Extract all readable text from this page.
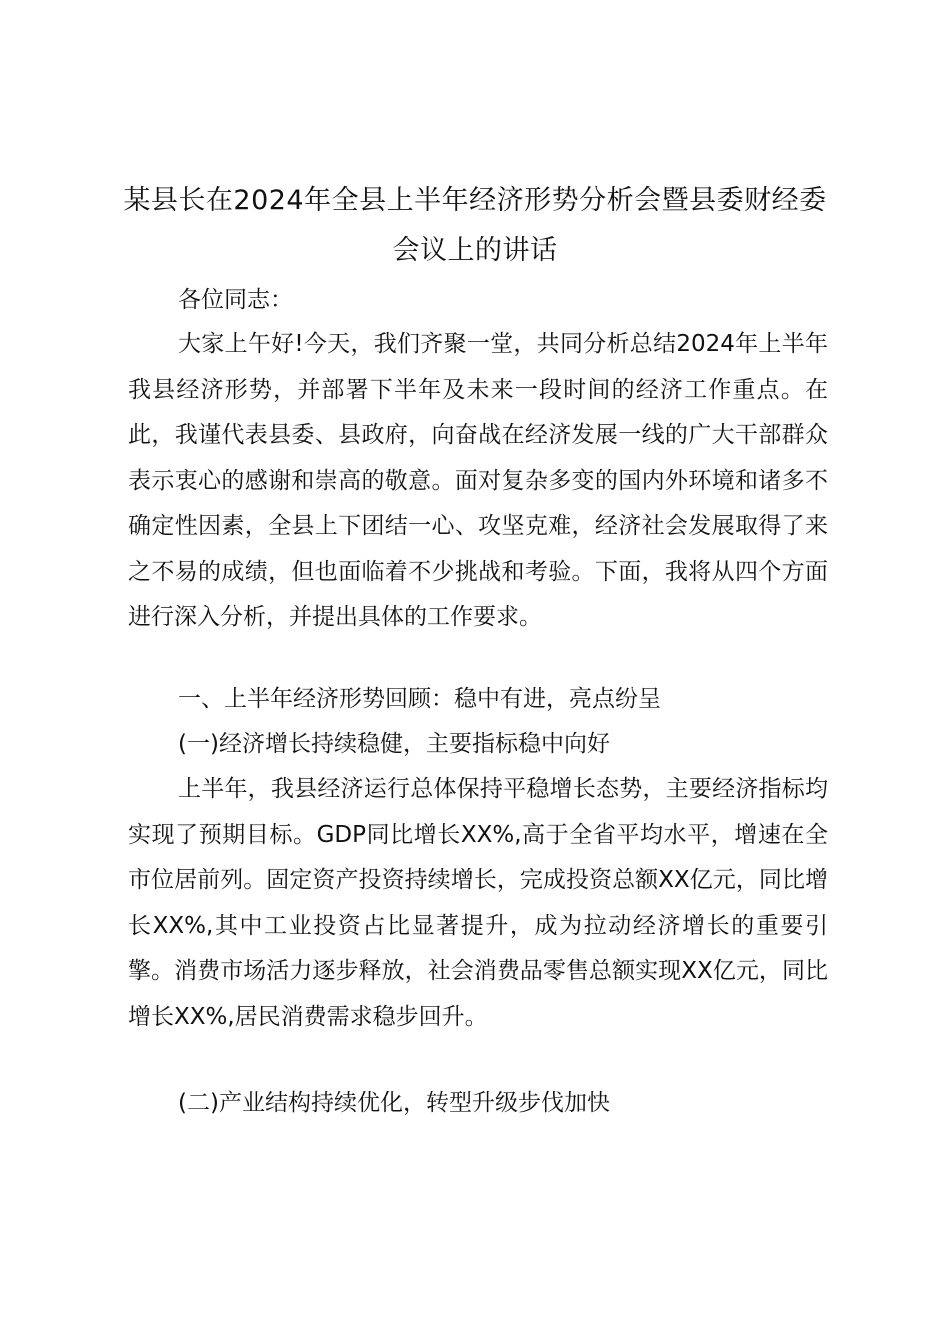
某县长在2024年全县上半年经济形势分析会暨县委财经委会议上的讲话

各位同志：

大家上午好!今天，我们齐聚一堂，共同分析总结2024年上半年我县经济形势，并部署下半年及未来一段时间的经济工作重点。在此，我谨代表县委、县政府，向奋战在经济发展一线的广大干部群众表示衷心的感谢和崇高的敬意。面对复杂多变的国内外环境和诸多不确定性因素，全县上下团结一心、攻坚克难，经济社会发展取得了来之不易的成绩，但也面临着不少挑战和考验。下面，我将从四个方面进行深入分析，并提出具体的工作要求。

一、上半年经济形势回顾：稳中有进，亮点纷呈

(一)经济增长持续稳健，主要指标稳中向好

上半年，我县经济运行总体保持平稳增长态势，主要经济指标均实现了预期目标。GDP同比增长XX%,高于全省平均水平，增速在全市位居前列。固定资产投资持续增长，完成投资总额XX亿元，同比增长XX%,其中工业投资占比显著提升，成为拉动经济增长的重要引擎。消费市场活力逐步释放，社会消费品零售总额实现XX亿元，同比增长XX%,居民消费需求稳步回升。

(二)产业结构持续优化，转型升级步伐加快
